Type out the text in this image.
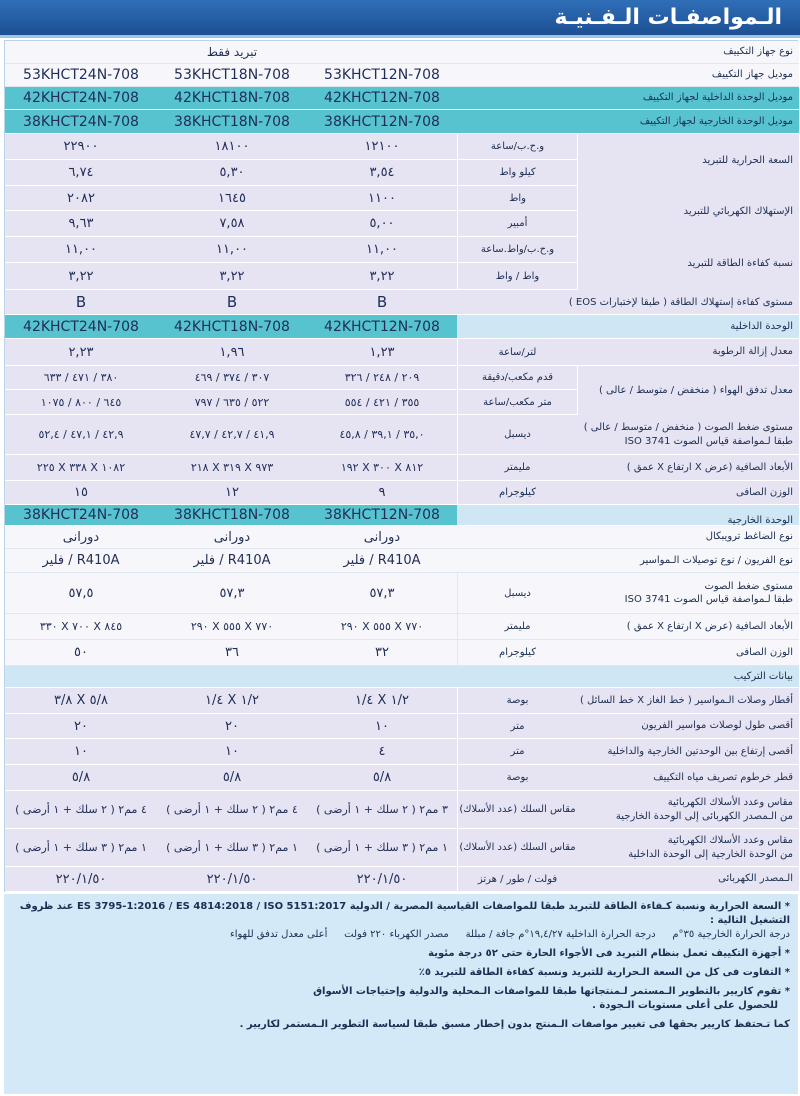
الـمواصفـات الـفـنيـة
تبريد فقط	نوع جهاز التكييف
53KHCT24N-708	53KHCT18N-708	53KHCT12N-708	موديل جهاز التكييف
42KHCT24N-708	42KHCT18N-708	42KHCT12N-708	موديل الوحدة الداخلية لجهاز التكييف
38KHCT24N-708	38KHCT18N-708	38KHCT12N-708	موديل الوحدة الخارجية لجهاز التكييف
٢٢٩٠٠	١٨١٠٠	١٢١٠٠	و.ح.ب/ساعة
٦,٧٤	٥,٣٠	٣,٥٤	كيلو واط
السعة الحرارية للتبريد
٢٠٨٢	١٦٤٥	١١٠٠	واط
٩,٦٣	٧,٥٨	٥,٠٠	أمبير
الإستهلاك الكهربائي للتبريد
١١,٠٠	١١,٠٠	١١,٠٠	و.ح.ب/واط.ساعة
٣,٢٢	٣,٢٢	٣,٢٢	واط / واط
نسبة كفاءة الطاقة للتبريد
B	B	B	مستوى كفاءة إستهلاك الطاقة ( طبقا لإختبارات EOS )
42KHCT24N-708	42KHCT18N-708	42KHCT12N-708	الوحدة الداخلية
٢,٢٣	١,٩٦	١,٢٣	لتر/ساعة	معدل إزالة الرطوبة
٣٨٠ / ٤٧١ / ٦٣٣	٣٠٧ / ٣٧٤ / ٤٦٩	٢٠٩ / ٢٤٨ / ٣٢٦	قدم مكعب/دقيقة
٦٤٥ / ٨٠٠ / ١٠٧٥	٥٢٢ / ٦٣٥ / ٧٩٧	٣٥٥ / ٤٢١ / ٥٥٤	متر مكعب/ساعة
معدل تدفق الهواء ( منخفض / متوسط / عالى )
٤٢,٩ / ٤٧,١ / ٥٢,٤	٤١,٩ / ٤٢,٧ / ٤٧,٧	٣٥,٠ / ٣٩,١ / ٤٥,٨	ديسبل
مستوى ضغط الصوت ( منخفض / متوسط / عالى )
طبقا لـمواصفة قياس الصوت ISO 3741
١٠٨٢ X ٣٣٨ X ٢٢٥	٩٧٣ X ٣١٩ X ٢١٨	٨١٢ X ٣٠٠ X ١٩٢	مليمتر	الأبعاد الصافية (عرض X ارتفاع X عمق )
١٥	١٢	٩	كيلوجرام	الوزن الصافى
38KHCT24N-708	38KHCT18N-708	38KHCT12N-708	الوحدة الخارجية
دورانى	دورانى	دورانى	نوع الضاغط ترويبكال
R410A / فلير	R410A / فلير	R410A / فلير	نوع الفريون / نوع توصيلات الـمواسير
٥٧,٥	٥٧,٣	٥٧,٣	ديسبل
مستوى ضغط الصوت
طبقا لـمواصفة قياس الصوت ISO 3741
٨٤٥ X ٧٠٠ X ٣٣٠	٧٧٠ X ٥٥٥ X ٢٩٠	٧٧٠ X ٥٥٥ X ٢٩٠	مليمتر	الأبعاد الصافية (عرض X ارتفاع X عمق )
٥٠	٣٦	٣٢	كيلوجرام	الوزن الصافى
بيانات التركيب
٥/٨ X ٣/٨	١/٢ X ١/٤	١/٢ X ١/٤	بوصة	أقطار وصلات الـمواسير ( خط الغاز X خط السائل )
٢٠	٢٠	١٠	متر	أقصى طول لوصلات مواسير الفريون
١٠	١٠	٤	متر	أقصى إرتفاع بين الوحدتين الخارجية والداخلية
٥/٨	٥/٨	٥/٨	بوصة	قطر خرطوم تصريف مياه التكييف
٤ مم٢ ( ٢ سلك + ١ أرضى )	٤ مم٢ ( ٢ سلك + ١ أرضى )	٣ مم٢ ( ٢ سلك + ١ أرضى )	مقاس السلك (عدد الأسلاك)
مقاس وعدد الأسلاك الكهربائية
من الـمصدر الكهربائى إلى الوحدة الخارجية
١ مم٢ ( ٣ سلك + ١ أرضى )	١ مم٢ ( ٣ سلك + ١ أرضى )	١ مم٢ ( ٣ سلك + ١ أرضى )	مقاس السلك (عدد الأسلاك)
مقاس وعدد الأسلاك الكهربائية
من الوحدة الخارجية إلى الوحدة الداخلية
٢٢٠/١/٥٠	٢٢٠/١/٥٠	٢٢٠/١/٥٠	فولت / طور / هرتز	الـمصدر الكهربائى
* السعة الحرارية ونسبة كـفاءة الطاقة للتبريد طبقا للمواصفات القياسية المصرية / الدولية ES 3795-1:2016 / ES 4814:2018 / ISO 5151:2017 عند ظروف التشغيل التالية :
درجة الحرارة الخارجية ٣٥°م
درجة الحرارة الداخلية ١٩,٤/٢٧°م جافة / مبللة
مصدر الكهرباء ٢٢٠ فولت
أعلى معدل تدفق للهواء
* أجهزة التكييف تعمل بنظام التبريد فى الأجواء الحارة حتى ٥٢ درجة مئوية
* التفاوت فى كل من السعة الـحرارية للتبريد ونسبة كفاءة الطاقة للتبريد ٥٪
* تقوم كاريير بالتطوير الـمستمر لـمنتجاتها طبقا للمواصفات الـمحلية والدولية وإحتياجات الأسواق
للحصول على أعلى مستويات الـجودة .
كما تـحتفظ كاريير بحقها فى تغيير مواصفات الـمنتج بدون إخطار مسبق طبقا لسياسة التطوير الـمستمر لكاريير .
